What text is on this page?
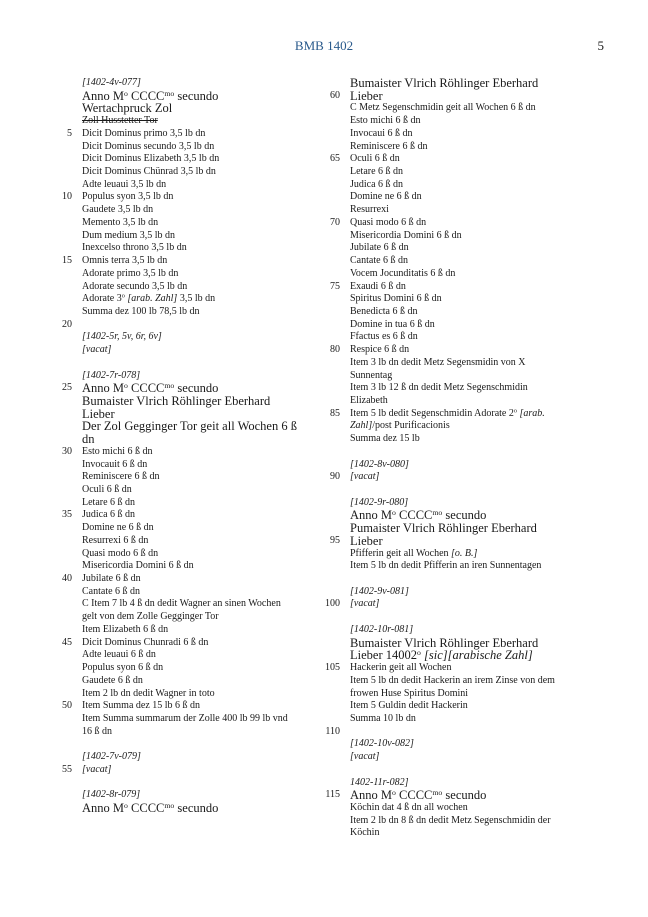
BMB 1402	5
[1402-4v-077]
Anno $M^o$ $CCCC^{mo}$ secundo
Wertachpruck Zol
Zoll Husstetter Tor
5 Dicit Dominus primo 3,5 lb dn
Dicit Dominus secundo 3,5 lb dn
Dicit Dominus Elizabeth 3,5 lb dn
Dicit Dominus Chünrad 3,5 lb dn
Adte leuaui 3,5 lb dn
10 Populus syon 3,5 lb dn
Gaudete 3,5 lb dn
Memento 3,5 lb dn
Dum medium 3,5 lb dn
Inexcelso throno 3,5 lb dn
15 Omnis terra 3,5 lb dn
Adorate primo 3,5 lb dn
Adorate secundo 3,5 lb dn
Adorate 3$^o$ [arab. Zahl] 3,5 lb dn
Summa dez 100 lb 78,5 lb dn
20
[1402-5r, 5v, 6r, 6v]
[vacat]
[1402-7r-078]
25 Anno $M^o$ $CCCC^{mo}$ secundo
Bumaister Vlrich Röhlinger Eberhard
Lieber
Der Zol Gegginger Tor geit all Wochen 6 ß
dn
30 Esto michi 6 ß dn
Invocauit 6 ß dn
Reminiscere 6 ß dn
Oculi 6 ß dn
Letare 6 ß dn
35 Judica 6 ß dn
Domine ne 6 ß dn
Resurrexi 6 ß dn
Quasi modo 6 ß dn
Misericordia Domini 6 ß dn
40 Jubilate 6 ß dn
Cantate 6 ß dn
C Item 7 lb 4 ß dn dedit Wagner an sinen Wochen
gelt von dem Zolle Gegginger Tor
Item Elizabeth 6 ß dn
45 Dicit Dominus Chunradi 6 ß dn
Adte leuaui 6 ß dn
Populus syon 6 ß dn
Gaudete 6 ß dn
Item 2 lb dn dedit Wagner in toto
50 Item Summa dez 15 lb 6 ß dn
Item Summa summarum der Zolle 400 lb 99 lb vnd
16 ß dn
[1402-7v-079]
55 [vacat]
[1402-8r-079]
Anno $M^o$ $CCCC^{mo}$ secundo
Bumaister Vlrich Röhlinger Eberhard
60 Lieber
C Metz Segenschmidin geit all Wochen 6 ß dn
Esto michi 6 ß dn
Invocaui 6 ß dn
Reminiscere 6 ß dn
65 Oculi 6 ß dn
Letare 6 ß dn
Judica 6 ß dn
Domine ne 6 ß dn
Resurrexi
70 Quasi modo 6 ß dn
Misericordia Domini 6 ß dn
Jubilate 6 ß dn
Cantate 6 ß dn
Vocem Jocunditatis 6 ß dn
75 Exaudi 6 ß dn
Spiritus Domini 6 ß dn
Benedicta 6 ß dn
Domine in tua 6 ß dn
Ffactus es 6 ß dn
80 Respice 6 ß dn
Item 3 lb dn dedit Metz Segensmidin von X
Sunnentag
Item 3 lb 12 ß dn dedit Metz Segenschmidin
Elizabeth
85 Item 5 lb dedit Segenschmidin Adorate 2$^o$ [arab.
Zahl]/post Purificacionis
Summa dez 15 lb
[1402-8v-080]
90 [vacat]
[1402-9r-080]
Anno $M^o$ $CCCC^{mo}$ secundo
Pumaister Vlrich Röhlinger Eberhard
95 Lieber
Pfifferin geit all Wochen [o. B.]
Item 5 lb dn dedit Pfifferin an iren Sunnentagen
[1402-9v-081]
100 [vacat]
[1402-10r-081]
Bumaister Vlrich Röhlinger Eberhard
Lieber 14002$^o$ [sic][arabische Zahl]
105 Hackerin geit all Wochen
Item 5 lb dn dedit Hackerin an irem Zinse von dem
frowen Huse Spiritus Domini
Item 5 Guldin dedit Hackerin
Summa 10 lb dn
110
[1402-10v-082]
[vacat]
1402-11r-082]
115 Anno $M^o$ $CCCC^{mo}$ secundo
Köchin dat 4 ß dn all wochen
Item 2 lb dn 8 ß dn dedit Metz Segenschmidin der
Köchin
